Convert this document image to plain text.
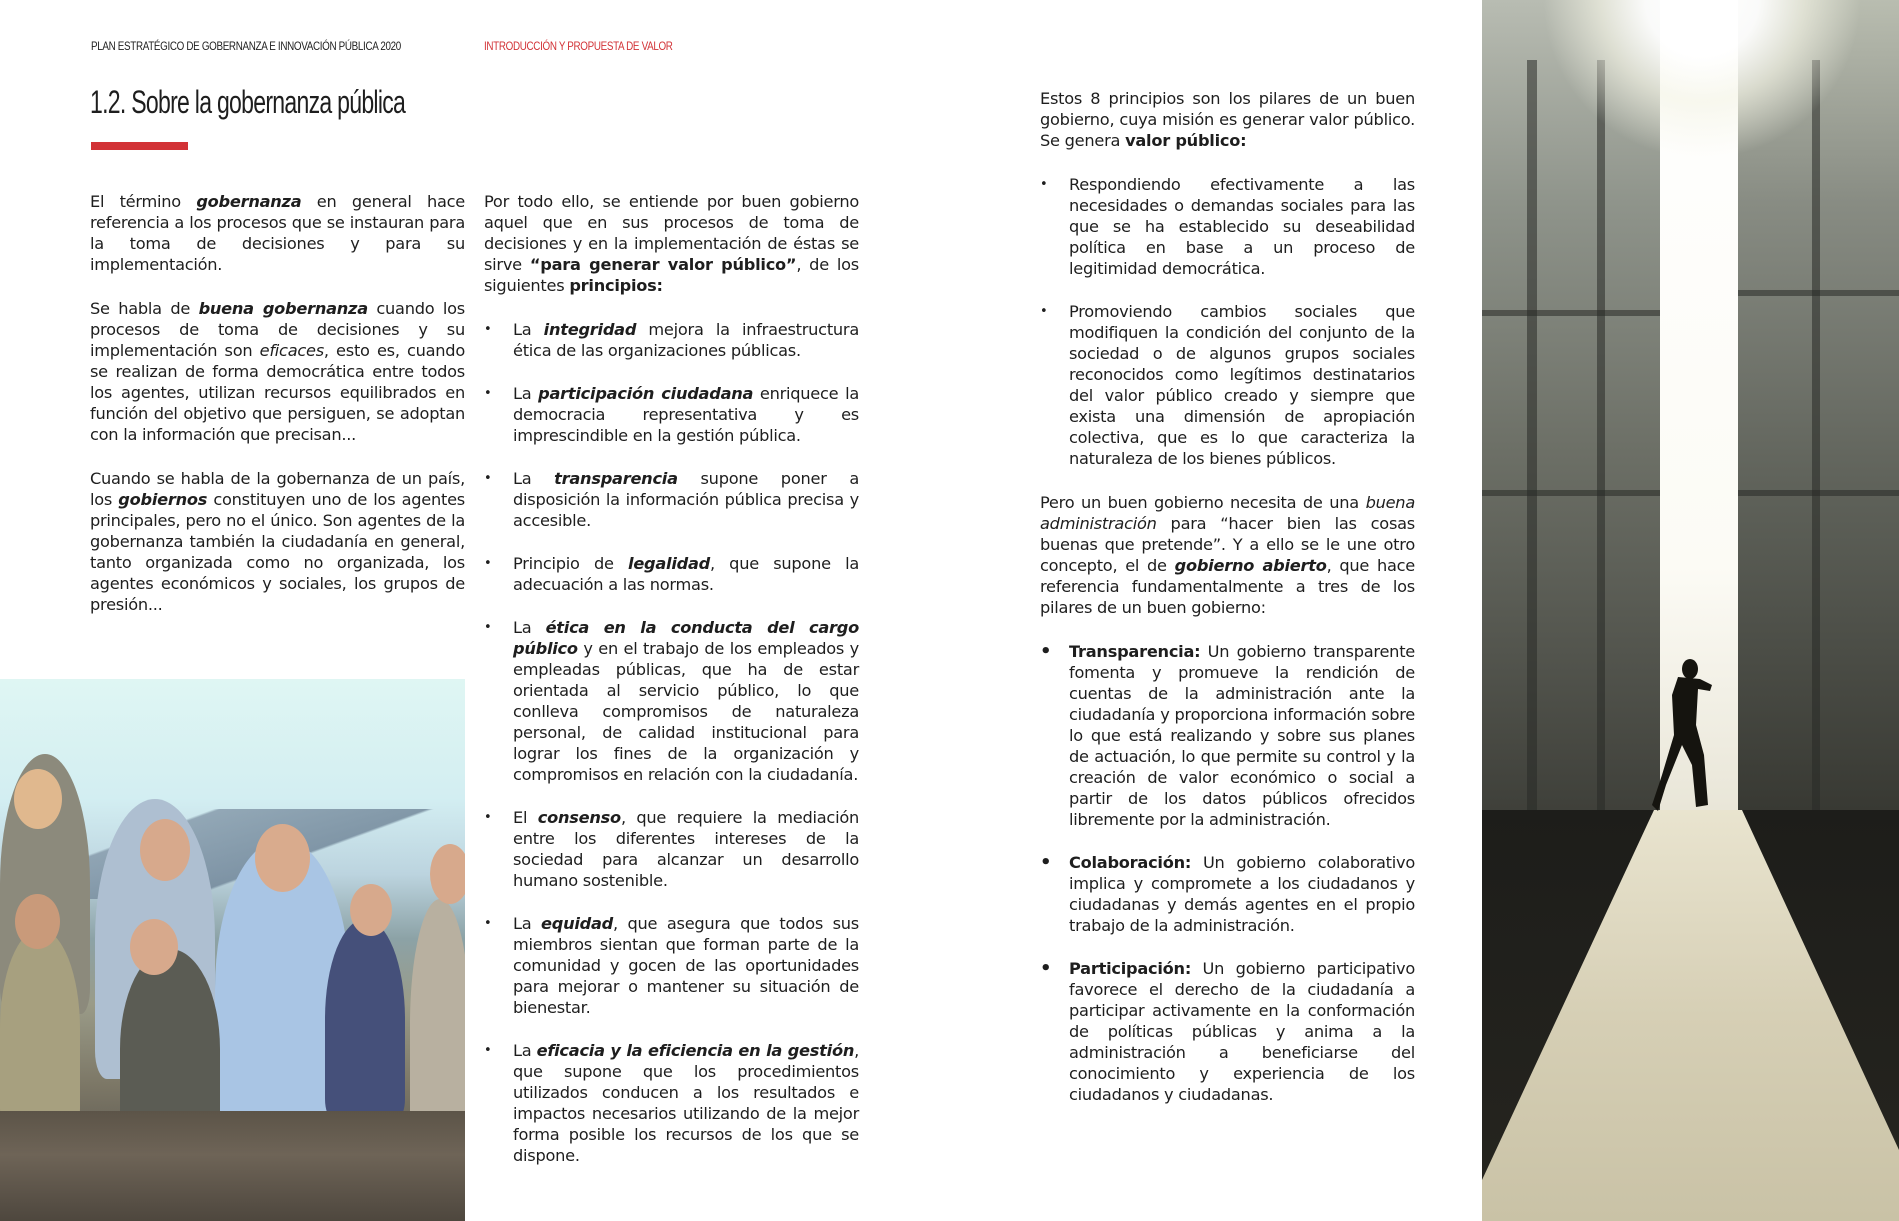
PLAN ESTRATÉGICO DE GOBERNANZA E INNOVACIÓN PÚBLICA 2020	INTRODUCCIÓN Y PROPUESTA DE VALOR
1.2. Sobre la gobernanza pública

El término gobernanza en general hace referencia a los procesos que se instauran para la toma de decisiones y para su implementación.

Se habla de buena gobernanza cuando los procesos de toma de decisiones y su implementación son eficaces, esto es, cuando se realizan de forma democrática entre todos los agentes, utilizan recursos equilibrados en función del objetivo que persiguen, se adoptan con la información que precisan...

Cuando se habla de la gobernanza de un país, los gobiernos constituyen uno de los agentes principales, pero no el único. Son agentes de la gobernanza también la ciudadanía en general, tanto organizada como no organizada, los agentes económicos y sociales, los grupos de presión...

Por todo ello, se entiende por buen gobierno aquel que en sus procesos de toma de decisiones y en la implementación de éstas se sirve “para generar valor público”, de los siguientes principios:

• La integridad mejora la infraestructura ética de las organizaciones públicas.
• La participación ciudadana enriquece la democracia representativa y es imprescindible en la gestión pública.
• La transparencia supone poner a disposición la información pública precisa y accesible.
• Principio de legalidad, que supone la adecuación a las normas.
• La ética en la conducta del cargo público y en el trabajo de los empleados y empleadas públicas, que ha de estar orientada al servicio público, lo que conlleva compromisos de naturaleza personal, de calidad institucional para lograr los fines de la organización y compromisos en relación con la ciudadanía.
• El consenso, que requiere la mediación entre los diferentes intereses de la sociedad para alcanzar un desarrollo humano sostenible.
• La equidad, que asegura que todos sus miembros sientan que forman parte de la comunidad y gocen de las oportunidades para mejorar o mantener su situación de bienestar.
• La eficacia y la eficiencia en la gestión, que supone que los procedimientos utilizados conducen a los resultados e impactos necesarios utilizando de la mejor forma posible los recursos de los que se dispone.

Estos 8 principios son los pilares de un buen gobierno, cuya misión es generar valor público. Se genera valor público:

• Respondiendo efectivamente a las necesidades o demandas sociales para las que se ha establecido su deseabilidad política en base a un proceso de legitimidad democrática.
• Promoviendo cambios sociales que modifiquen la condición del conjunto de la sociedad o de algunos grupos sociales reconocidos como legítimos destinatarios del valor público creado y siempre que exista una dimensión de apropiación colectiva, que es lo que caracteriza la naturaleza de los bienes públicos.

Pero un buen gobierno necesita de una buena administración para “hacer bien las cosas buenas que pretende”. Y a ello se le une otro concepto, el de gobierno abierto, que hace referencia fundamentalmente a tres de los pilares de un buen gobierno:

• Transparencia: Un gobierno transparente fomenta y promueve la rendición de cuentas de la administración ante la ciudadanía y proporciona información sobre lo que está realizando y sobre sus planes de actuación, lo que permite su control y la creación de valor económico o social a partir de los datos públicos ofrecidos libremente por la administración.
• Colaboración: Un gobierno colaborativo implica y compromete a los ciudadanos y ciudadanas y demás agentes en el propio trabajo de la administración.
• Participación: Un gobierno participativo favorece el derecho de la ciudadanía a participar activamente en la conformación de políticas públicas y anima a la administración a beneficiarse del conocimiento y experiencia de los ciudadanos y ciudadanas.
